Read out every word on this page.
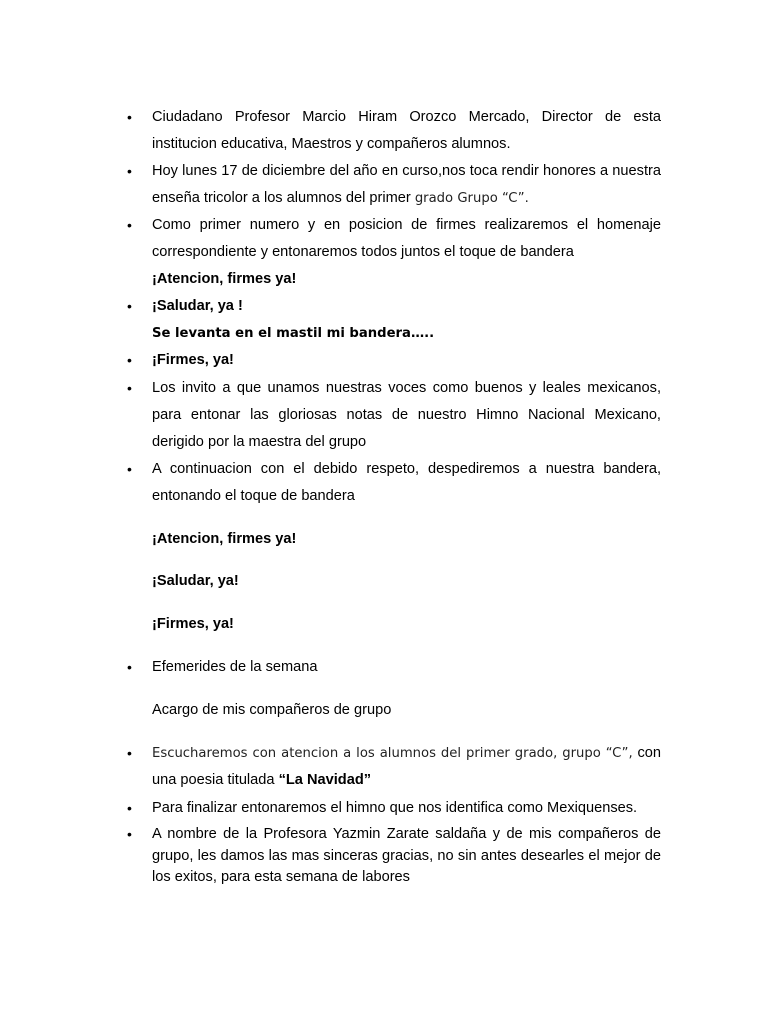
• Ciudadano Profesor Marcio Hiram Orozco Mercado, Director de esta institucion educativa, Maestros y compañeros alumnos.
• Hoy lunes 17 de diciembre del año en curso,nos toca rendir honores a nuestra enseña tricolor a los alumnos del primer grado Grupo “C”.
• Como primer numero y en posicion de firmes realizaremos el homenaje correspondiente y entonaremos todos juntos el toque de bandera
¡Atencion, firmes ya!
• ¡Saludar, ya !
Se levanta en el mastil mi bandera…..
• ¡Firmes, ya!
• Los invito a que unamos nuestras voces como buenos y leales mexicanos, para entonar las gloriosas notas de nuestro Himno Nacional Mexicano, derigido por la maestra del grupo
• A continuacion con el debido respeto, despediremos a nuestra bandera, entonando el toque de bandera
¡Atencion, firmes ya!
¡Saludar, ya!
¡Firmes, ya!
• Efemerides de la semana
Acargo de mis compañeros de grupo
• Escucharemos con atencion a los alumnos del primer grado, grupo “C”, con una poesia titulada “La Navidad”
• Para finalizar entonaremos el himno que nos identifica como Mexiquenses.
• A nombre de la Profesora Yazmin Zarate saldaña y de mis compañeros de grupo, les damos las mas sinceras gracias, no sin antes desearles el mejor de los exitos, para esta semana de labores
